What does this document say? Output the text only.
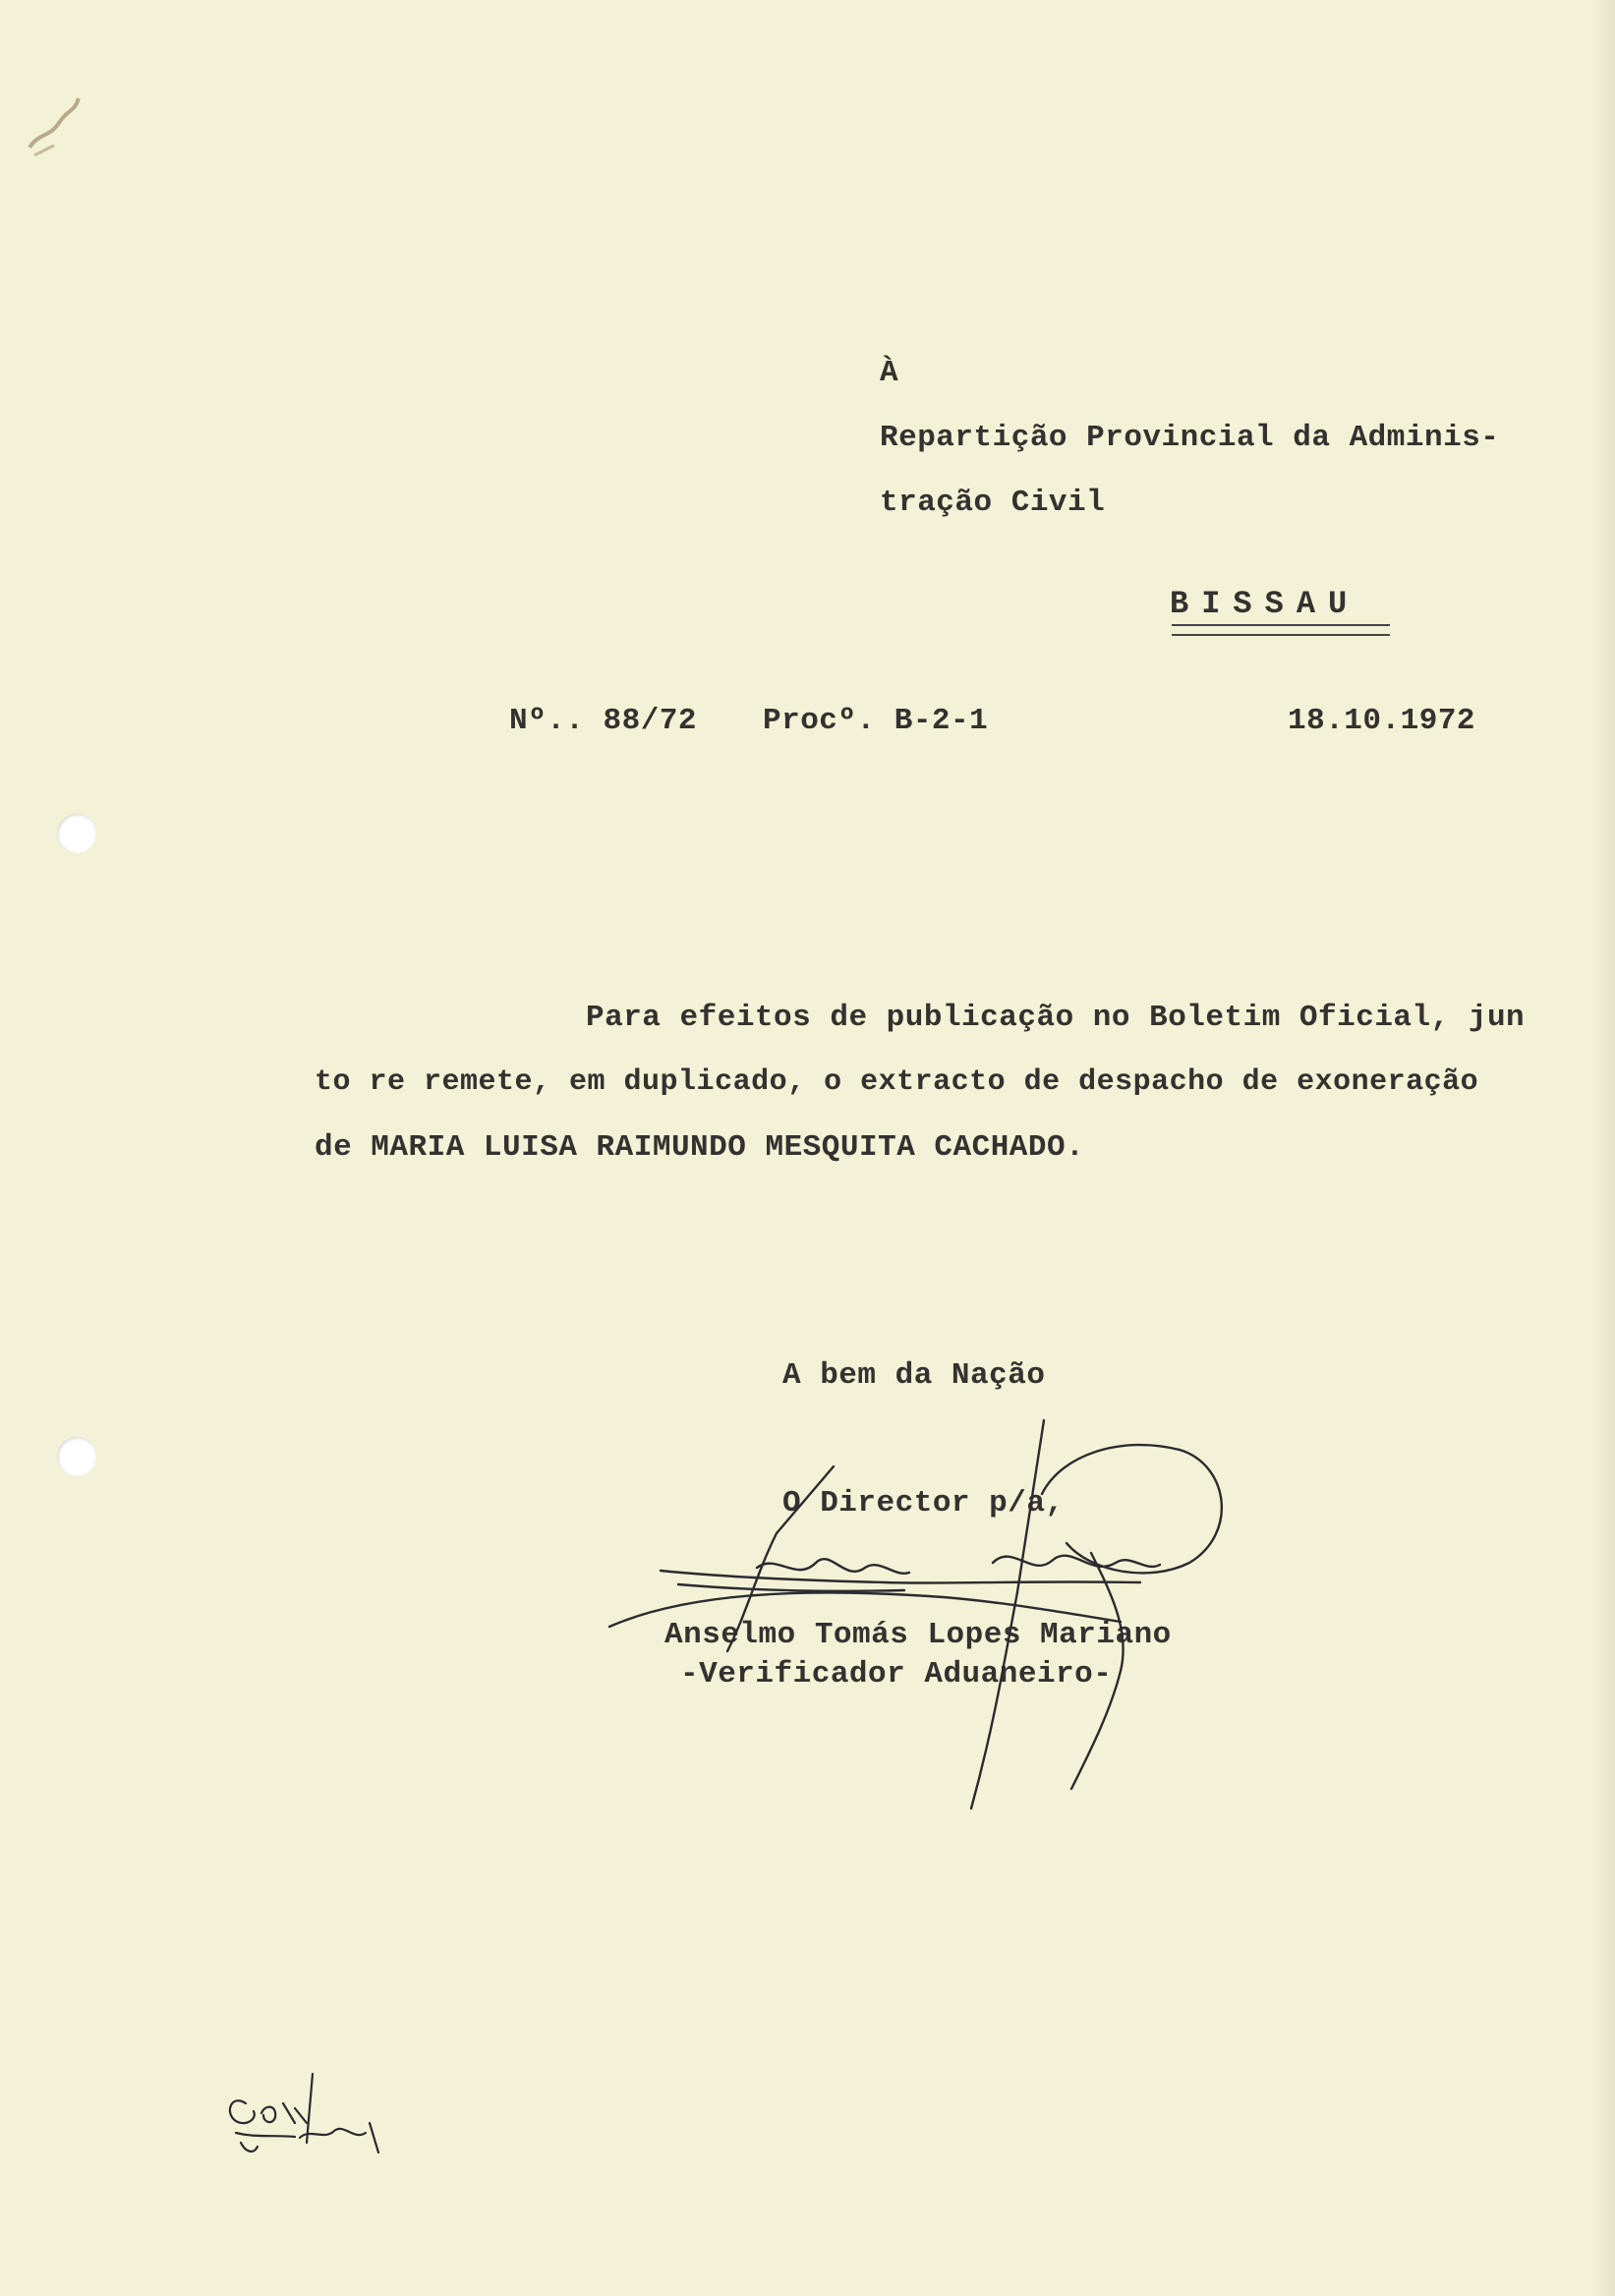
À
Repartição Provincial da Adminis-
tração Civil
BISSAU
Nº.. 88/72 Procº. B-2-1	18.10.1972
Para efeitos de publicação no Boletim Oficial, jun
to re remete, em duplicado, o extracto de despacho de exoneração
de MARIA LUISA RAIMUNDO MESQUITA CACHADO.
A bem da Nação
O Director p/a,
Anselmo Tomás Lopes Mariano
-Verificador Aduaneiro-
